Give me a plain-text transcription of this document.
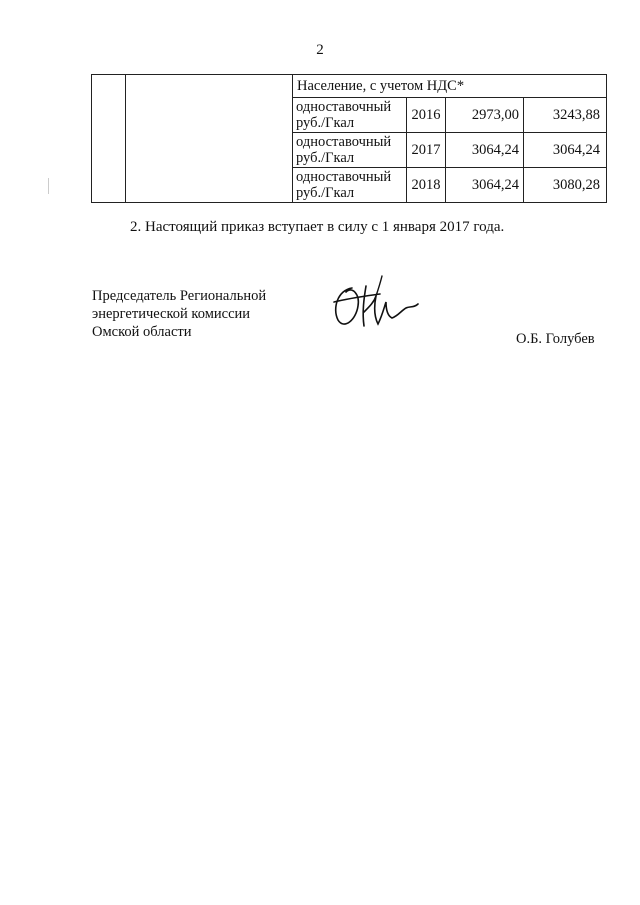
2
		Население, с учетом НДС*			

		одноставочный
руб./Гкал	2016	2973,00	3243,88

		одноставочный
руб./Гкал	2017	3064,24	3064,24

		одноставочный
руб./Гкал	2018	3064,24	3080,28
2. Настоящий приказ вступает в силу с 1 января 2017 года.
Председатель Региональной
энергетической комиссии
Омской области	О.Б. Голубев
